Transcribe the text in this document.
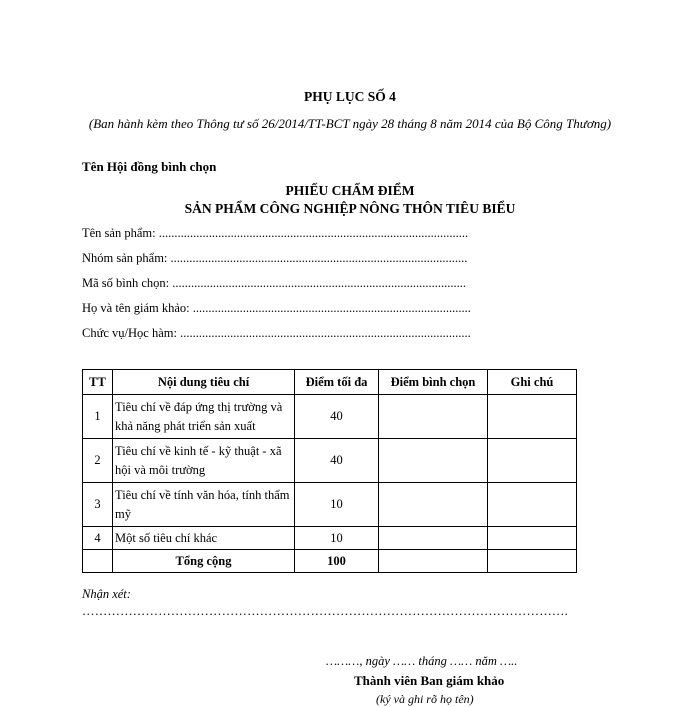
PHỤ LỤC SỐ 4
(Ban hành kèm theo Thông tư số 26/2014/TT-BCT ngày 28 tháng 8 năm 2014 của Bộ Công Thương)
Tên Hội đồng bình chọn
PHIẾU CHẤM ĐIỂM
SẢN PHẨM CÔNG NGHIỆP NÔNG THÔN TIÊU BIỂU
Tên sản phẩm: ...................................................................................................
Nhóm sản phẩm: ...............................................................................................
Mã số bình chọn: ..............................................................................................
Họ và tên giám khảo: .........................................................................................
Chức vụ/Học hàm: .............................................................................................
TT	Nội dung tiêu chí	Điểm tối đa	Điểm bình chọn	Ghi chú
1	Tiêu chí về đáp ứng thị trường và khả năng phát triển sản xuất	40		
2	Tiêu chí về kinh tế - kỹ thuật - xã hội và môi trường	40		
3	Tiêu chí về tính văn hóa, tính thẩm mỹ	10		
4	Một số tiêu chí khác	10		
	Tổng cộng	100		
Nhận xét:
…………………………………………………………………………………………………….
………, ngày …… tháng …… năm …..
Thành viên Ban giám khảo
(ký và ghi rõ họ tên)
